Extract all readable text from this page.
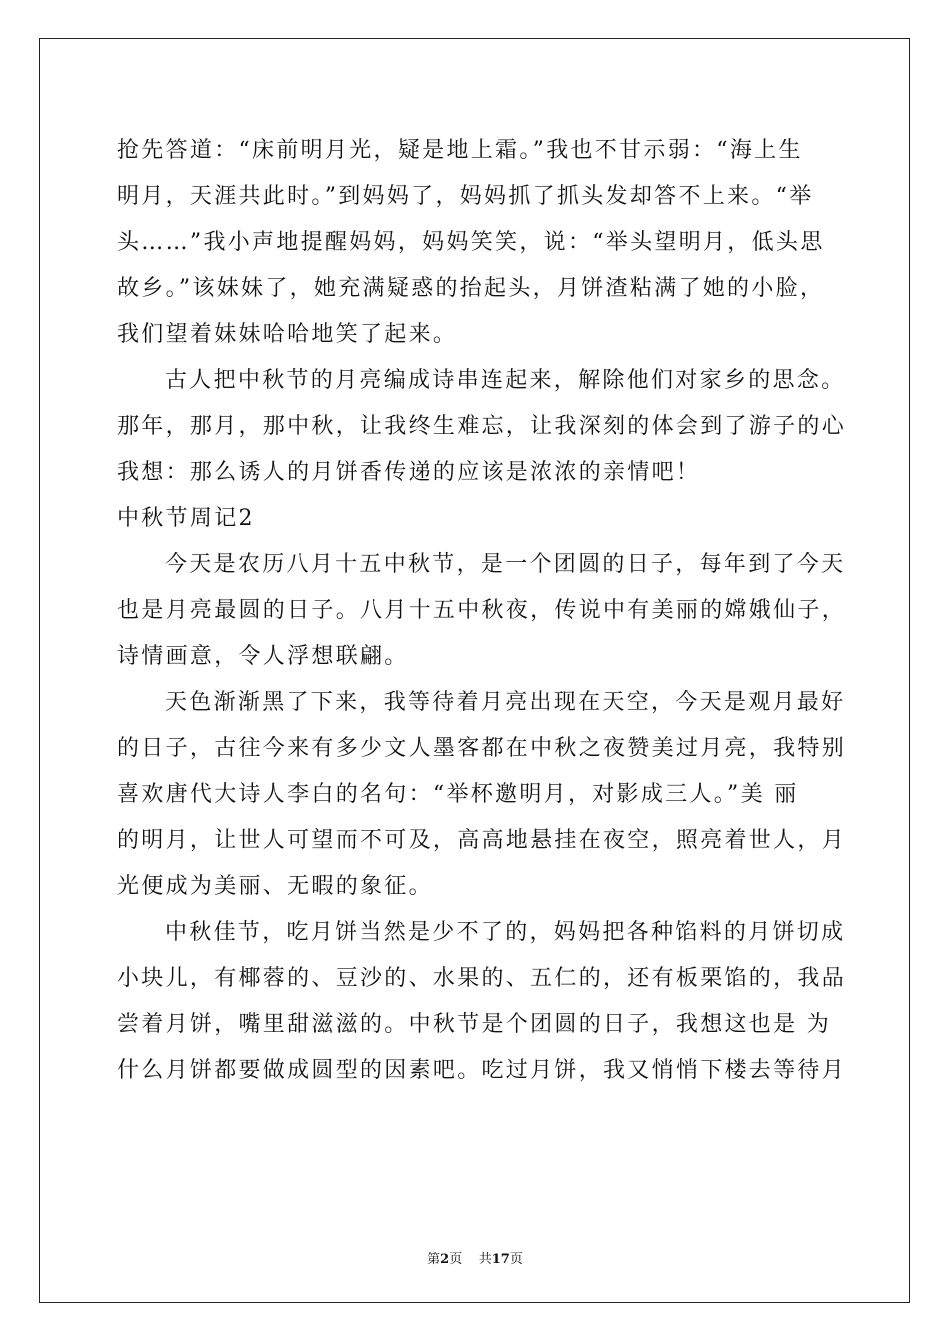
抢先答道：“床前明月光，疑是地上霜。”我也不甘示弱：“海上生
明月，天涯共此时。”到妈妈了，妈妈抓了抓头发却答不上来。“举
头……”我小声地提醒妈妈，妈妈笑笑，说：“举头望明月，低头思
故乡。”该妹妹了，她充满疑惑的抬起头，月饼渣粘满了她的小脸，
我们望着妹妹哈哈地笑了起来。
古人把中秋节的月亮编成诗串连起来，解除他们对家乡的思念。
那年，那月，那中秋，让我终生难忘，让我深刻的体会到了游子的心
我想：那么诱人的月饼香传递的应该是浓浓的亲情吧！
中秋节周记2
今天是农历八月十五中秋节，是一个团圆的日子，每年到了今天
也是月亮最圆的日子。八月十五中秋夜，传说中有美丽的嫦娥仙子，
诗情画意，令人浮想联翩。
天色渐渐黑了下来，我等待着月亮出现在天空，今天是观月最好
的日子，古往今来有多少文人墨客都在中秋之夜赞美过月亮，我特别
喜欢唐代大诗人李白的名句：“举杯邀明月，对影成三人。”美 丽
的明月，让世人可望而不可及，高高地悬挂在夜空，照亮着世人，月
光便成为美丽、无暇的象征。
中秋佳节，吃月饼当然是少不了的，妈妈把各种馅料的月饼切成
小块儿，有椰蓉的、豆沙的、水果的、五仁的，还有板栗馅的，我品
尝着月饼，嘴里甜滋滋的。中秋节是个团圆的日子，我想这也是 为
什么月饼都要做成圆型的因素吧。吃过月饼，我又悄悄下楼去等待月
第2页 共17页
